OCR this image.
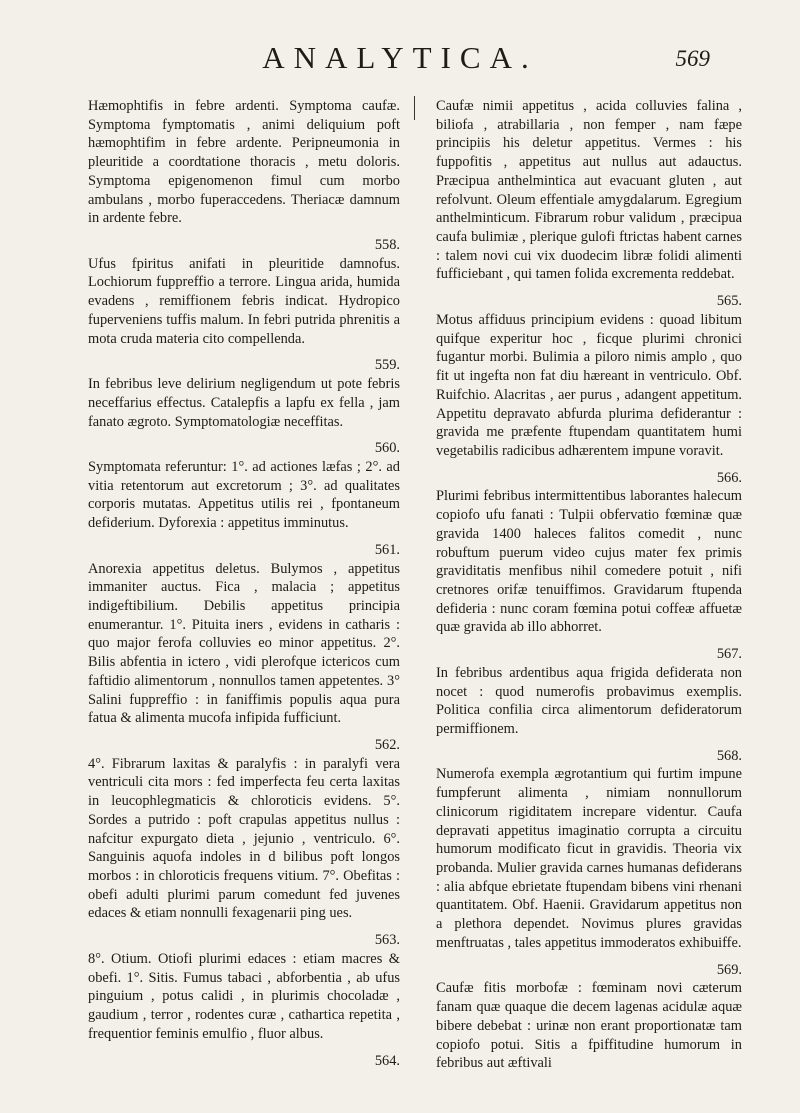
ANALYTICA.	569

Hæmophtifis in febre ardenti. Symptoma caufæ. Symptoma fymptomatis , animi deliquium poft hæmophtifim in febre ardente. Peripneumonia in pleuritide a coordtatione thoracis , metu doloris. Symptoma epigenomenon fimul cum morbo ambulans , morbo fuperaccedens. Theriacæ damnum in ardente febre.

558.

Ufus fpiritus anifati in pleuritide damnofus. Lochiorum fuppreffio a terrore. Lingua arida, humida evadens , remiffionem febris indicat. Hydropico fuperveniens tuffis malum. In febri putrida phrenitis a mota cruda materia cito compellenda.

559.

In febribus leve delirium negligendum ut pote febris neceffarius effectus. Catalepfis a lapfu ex fella , jam fanato ægroto. Symptomatologiæ neceffitas.

560.

Symptomata referuntur: 1°. ad actiones læfas ; 2°. ad vitia retentorum aut excretorum ; 3°. ad qualitates corporis mutatas. Appetitus utilis rei , fpontaneum defiderium. Dyforexia : appetitus imminutus.

561.

Anorexia appetitus deletus. Bulymos , appetitus immaniter auctus. Fica , malacia ; appetitus indigeftibilium. Debilis appetitus principia enumerantur. 1°. Pituita iners , evidens in catharis : quo major ferofa colluvies eo minor appetitus. 2°. Bilis abfentia in ictero , vidi plerofque ictericos cum faftidio alimentorum , nonnullos tamen appetentes. 3° Salini fuppreffio : in faniffimis populis aqua pura fatua & alimenta mucofa infipida fufficiunt.

562.

4°. Fibrarum laxitas & paralyfis : in paralyfi vera ventriculi cita mors : fed imperfecta feu certa laxitas in leucophlegmaticis & chloroticis evidens. 5°. Sordes a putrido : poft crapulas appetitus nullus : nafcitur expurgato dieta , jejunio , ventriculo. 6°. Sanguinis aquofa indoles in d bilibus poft longos morbos : in chloroticis frequens vitium. 7°. Obefitas : obefi adulti plurimi parum comedunt fed juvenes edaces & etiam nonnulli fexagenarii ping ues.

563.

8°. Otium. Otiofi plurimi edaces : etiam macres & obefi. 1°. Sitis. Fumus tabaci , abforbentia , ab ufus pinguium , potus calidi , in plurimis chocoladæ , gaudium , terror , rodentes curæ , cathartica repetita , frequentior feminis emulfio , fluor albus.

564.

Caufæ nimii appetitus , acida colluvies falina , biliofa , atrabillaria , non femper , nam fæpe principiis his deletur appetitus. Vermes : his fuppofitis , appetitus aut nullus aut adauctus. Præcipua anthelmintica aut evacuant gluten , aut refolvunt. Oleum effentiale amygdalarum. Egregium anthelminticum. Fibrarum robur validum , præcipua caufa bulimiæ , plerique gulofi ftrictas habent carnes : talem novi cui vix duodecim libræ folidi alimenti fufficiebant , qui tamen folida excrementa reddebat.

565.

Motus affiduus principium evidens : quoad libitum quifque experitur hoc , ficque plurimi chronici fugantur morbi. Bulimia a piloro nimis amplo , quo fit ut ingefta non fat diu hæreant in ventriculo. Obf. Ruifchio. Alacritas , aer purus , adangent appetitum. Appetitu depravato abfurda plurima defiderantur : gravida me præfente ftupendam quantitatem humi vegetabilis radicibus adhærentem impune voravit.

566.

Plurimi febribus intermittentibus laborantes halecum copiofo ufu fanati : Tulpii obfervatio fœminæ quæ gravida 1400 haleces falitos comedit , nunc robuftum puerum video cujus mater fex primis graviditatis menfibus nihil comedere potuit , nifi cretnores orifæ tenuiffimos. Gravidarum ftupenda defideria : nunc coram fœmina potui coffeæ affuetæ quæ gravida ab illo abhorret.

567.

In febribus ardentibus aqua frigida defiderata non nocet : quod numerofis probavimus exemplis. Politica confilia circa alimentorum defideratorum permiffionem.

568.

Numerofa exempla ægrotantium qui furtim impune fumpferunt alimenta , nimiam nonnullorum clinicorum rigiditatem increpare videntur. Caufa depravati appetitus imaginatio corrupta a circuitu humorum modificato ficut in gravidis. Theoria vix probanda. Mulier gravida carnes humanas defiderans : alia abfque ebrietate ftupendam bibens vini rhenani quantitatem. Obf. Haenii. Gravidarum appetitus non a plethora dependet. Novimus plures gravidas menftruatas , tales appetitus immoderatos exhibuiffe.

569.

Caufæ fitis morbofæ : fœminam novi cæterum fanam quæ quaque die decem lagenas acidulæ aquæ bibere debebat : urinæ non erant proportionatæ tam copiofo potui. Sitis a fpiffitudine humorum in febribus aut æftivali
